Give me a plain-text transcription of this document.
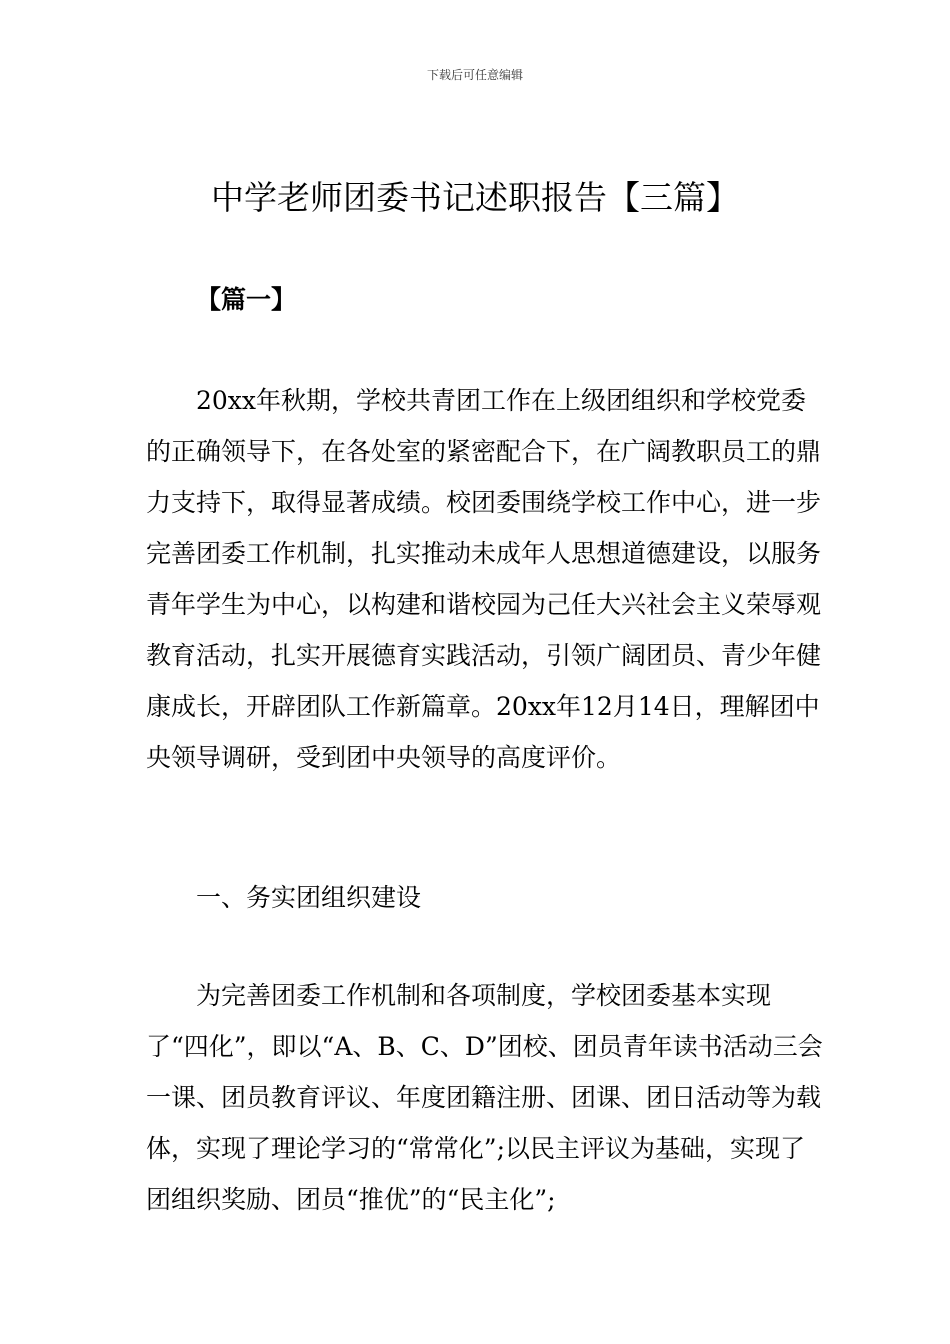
下载后可任意编辑
中学老师团委书记述职报告【三篇】
【篇一】

20xx年秋期，学校共青团工作在上级团组织和学校党委的正确领导下，在各处室的紧密配合下，在广阔教职员工的鼎力支持下，取得显著成绩。校团委围绕学校工作中心，进一步完善团委工作机制，扎实推动未成年人思想道德建设，以服务青年学生为中心，以构建和谐校园为己任大兴社会主义荣辱观教育活动，扎实开展德育实践活动，引领广阔团员、青少年健康成长，开辟团队工作新篇章。20xx年12月14日，理解团中央领导调研，受到团中央领导的高度评价。

一、务实团组织建设

为完善团委工作机制和各项制度，学校团委基本实现了“四化”，即以“A、B、C、D”团校、团员青年读书活动三会一课、团员教育评议、年度团籍注册、团课、团日活动等为载体，实现了理论学习的“常常化”;以民主评议为基础，实现了团组织奖励、团员“推优”的“民主化”;
